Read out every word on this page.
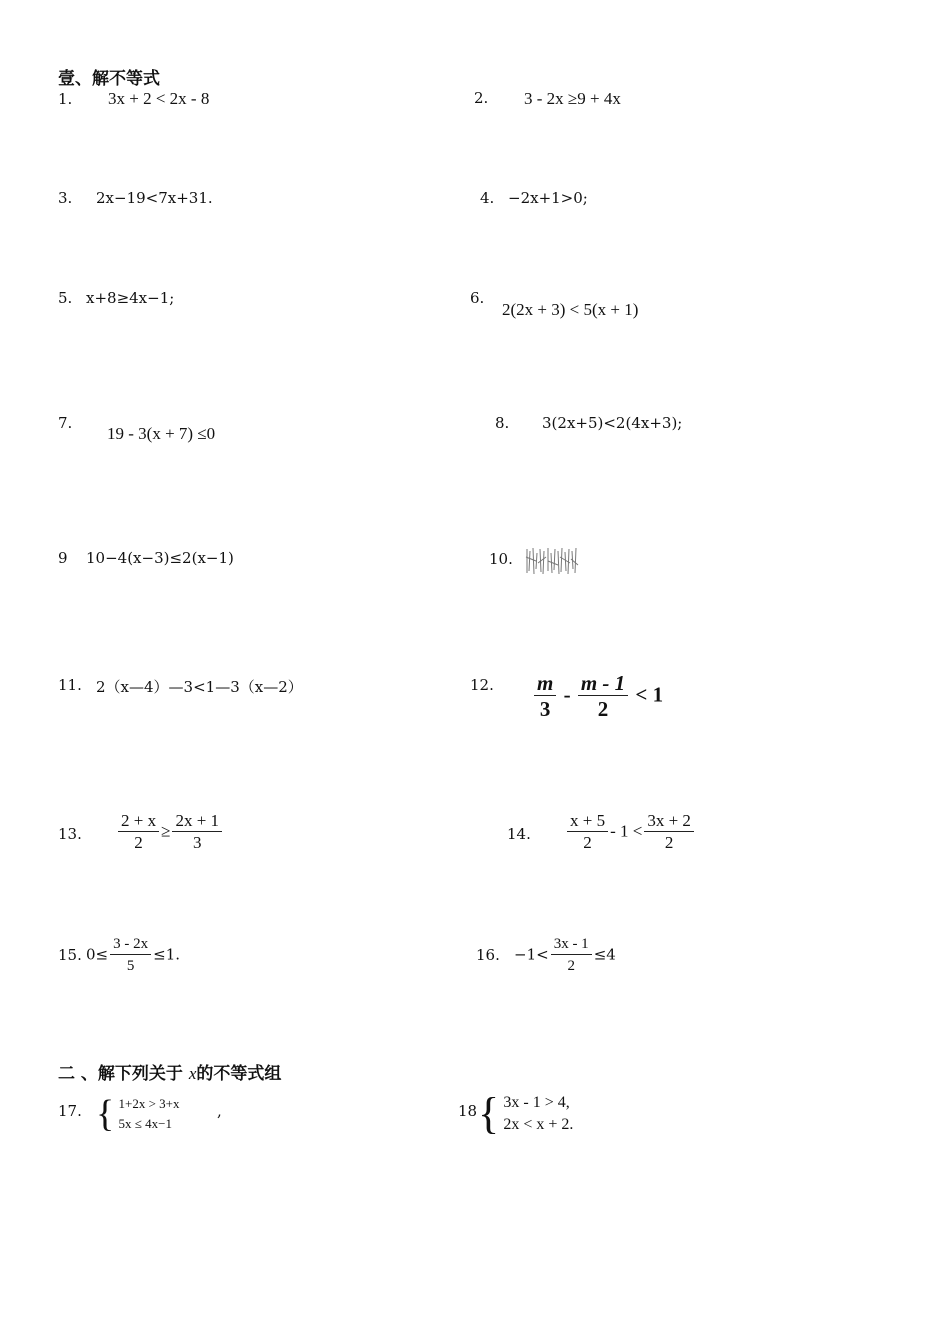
壹、解不等式
1. 3x + 2 < 2x - 8	2. 3 - 2x ≥9 + 4x
3. 2x−19<7x+31.	4. −2x+1>0;
5. x+8≥4x−1;	6.
2(2x + 3) < 5(x + 1)
7.
19 - 3(x + 7) ≤0
8. 3(2x+5)<2(4x+3);
9 10−4(x−3)≤2(x−1)	10.
11. 2（x—4）—3<1—3（x—2）	12. $\frac{m}{3} - \frac{m - 1}{2} < 1$
13. $\frac{2 + x}{2} \ge \frac{2x + 1}{3}$	14. $\frac{x + 5}{2} - 1 < \frac{3x + 2}{2}$
15. $0\le \frac{3 - 2x}{5} \le 1$.	16. $-1< \frac{3x - 1}{2} \le 4$
二 、解下列关于 x的不等式组
17. { 1+2x > 3+x
5x ≤ 4x−1
,	18 { 3x - 1 > 4,
2x < x + 2.
